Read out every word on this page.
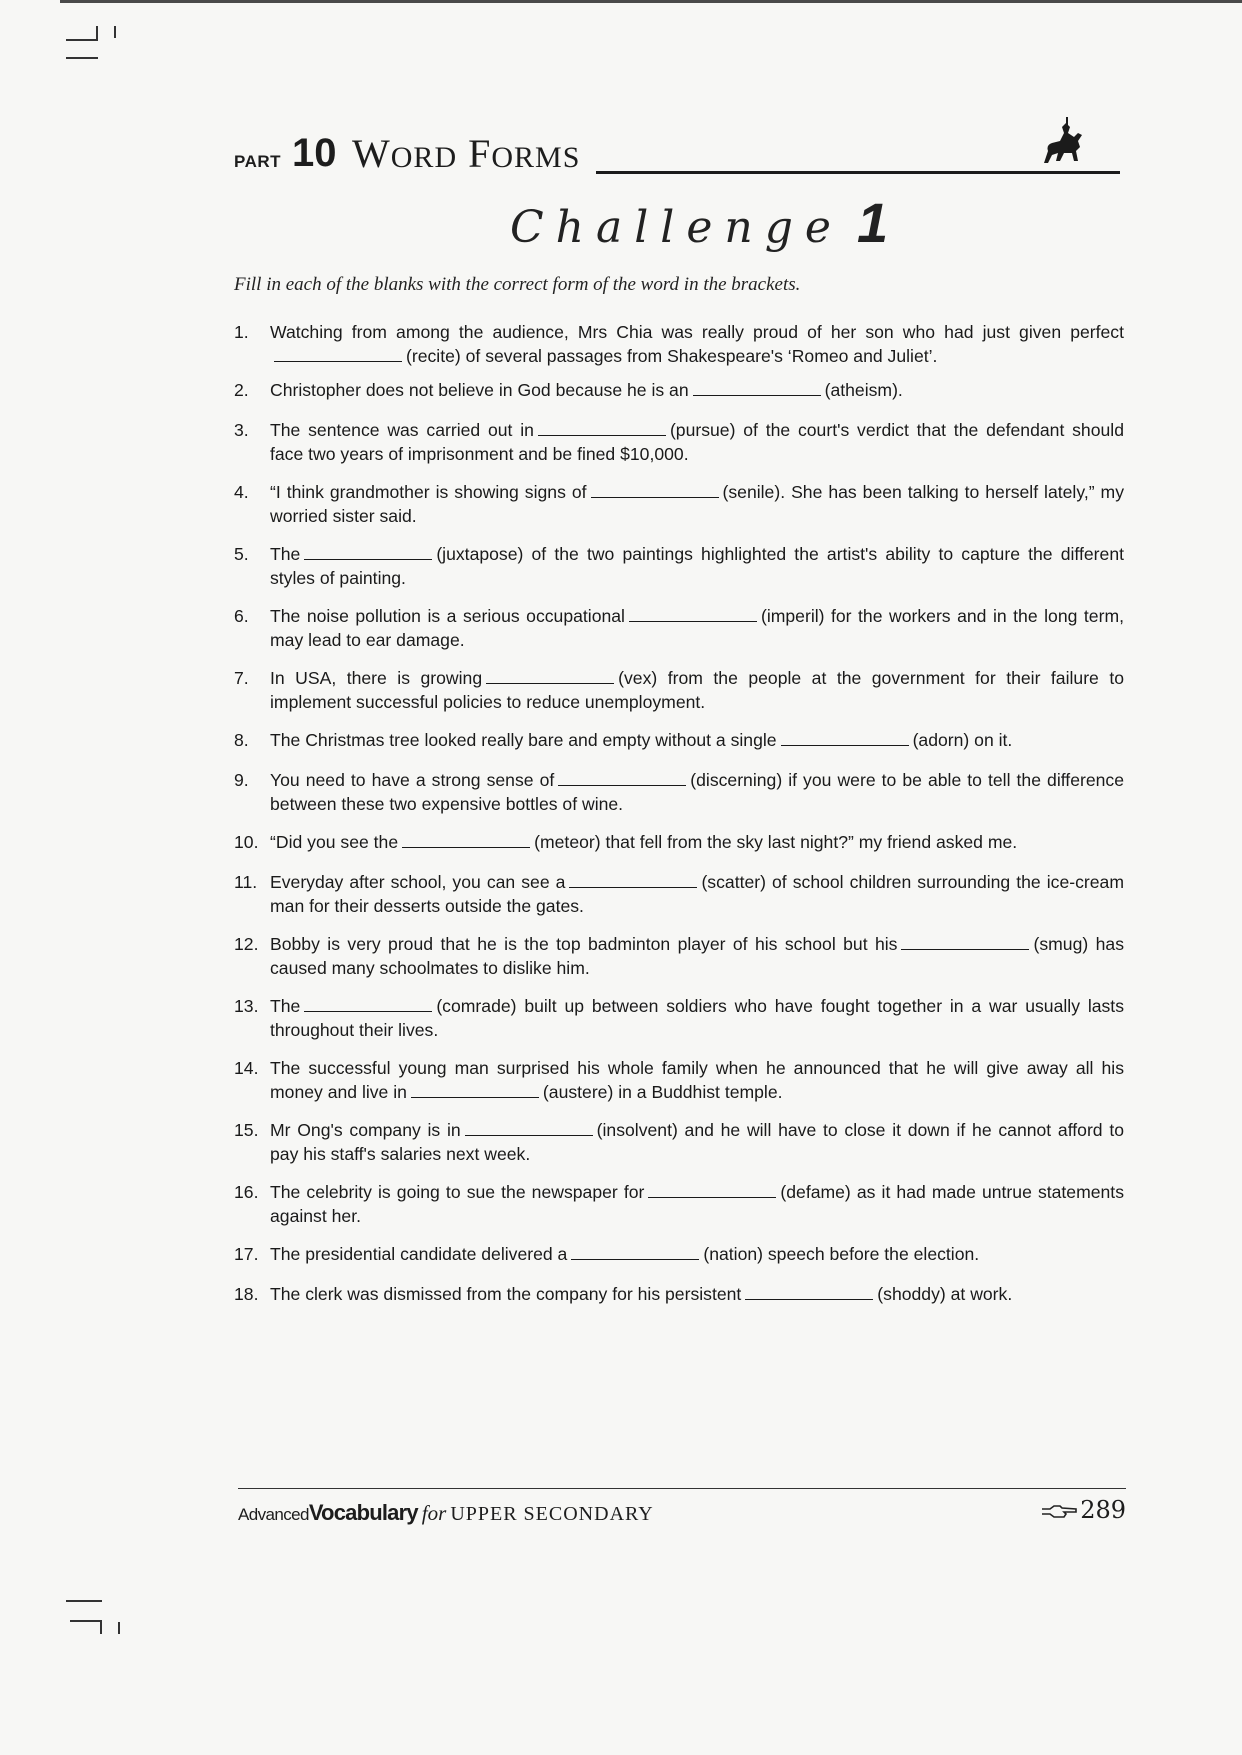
PART 10 WORD FORMS
Challenge 1
Fill in each of the blanks with the correct form of the word in the brackets.
1. Watching from among the audience, Mrs Chia was really proud of her son who had just given perfect(recite) of several passages from Shakespeare's ‘Romeo and Juliet’.
2. Christopher does not believe in God because he is an	(atheism).
3. The sentence was carried out in	(pursue) of the court's verdict that the defendant should face two years of imprisonment and be fined $10,000.
4. “I think grandmother is showing signs of	(senile). She has been talking to herself lately,” my worried sister said.
5. The	(juxtapose) of the two paintings highlighted the artist's ability to capture the different styles of painting.
6. The noise pollution is a serious occupational	(imperil) for the workers and in the long term, may lead to ear damage.
7. In USA, there is growing	(vex) from the people at the government for their failure to implement successful policies to reduce unemployment.
8. The Christmas tree looked really bare and empty without a single	(adorn) on it.
9. You need to have a strong sense of	(discerning) if you were to be able to tell the difference between these two expensive bottles of wine.
10. “Did you see the	(meteor) that fell from the sky last night?” my friend asked me.
11. Everyday after school, you can see a	(scatter) of school children surrounding the ice-cream man for their desserts outside the gates.
12. Bobby is very proud that he is the top badminton player of his school but his	(smug) has caused many schoolmates to dislike him.
13. The	(comrade) built up between soldiers who have fought together in a war usually lasts throughout their lives.
14. The successful young man surprised his whole family when he announced that he will give away all his money and live in	(austere) in a Buddhist temple.
15. Mr Ong's company is in	(insolvent) and he will have to close it down if he cannot afford to pay his staff's salaries next week.
16. The celebrity is going to sue the newspaper for	(defame) as it had made untrue statements against her.
17. The presidential candidate delivered a	(nation) speech before the election.
18. The clerk was dismissed from the company for his persistent	(shoddy) at work.
AdvancedVocabulary for UPPER SECONDARY	289
